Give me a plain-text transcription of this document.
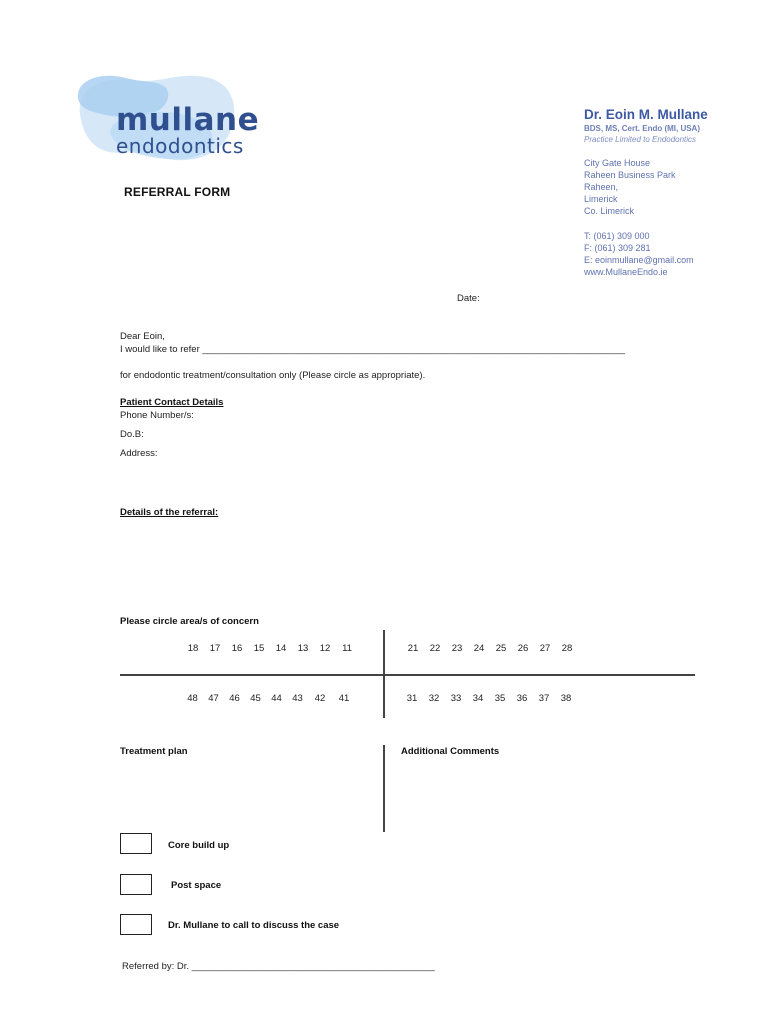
mullane
endodontics
Dr. Eoin M. Mullane
BDS, MS, Cert. Endo (MI, USA)
Practice Limited to Endodontics
City Gate House
Raheen Business Park
Raheen,
Limerick
Co. Limerick
T: (061) 309 000
F: (061) 309 281
E: eoinmullane@gmail.com
www.MullaneEndo.ie
REFERRAL FORM
Date:
Dear Eoin,
I would like to refer ________________________________________________________________________________
for endodontic treatment/consultation only (Please circle as appropriate).
Patient Contact Details
Phone Number/s:
Do.B:
Address:
Details of the referral:
Please circle area/s of concern
18	17	16	15	14	13	12	11	21	22	23	24	25	26	27	28
48	47	46	45	44	43	42	41	31	32	33	34	35	36	37	38
Treatment plan	Additional Comments
Core build up
Post space
Dr. Mullane to call to discuss the case
Referred by: Dr. ______________________________________________
